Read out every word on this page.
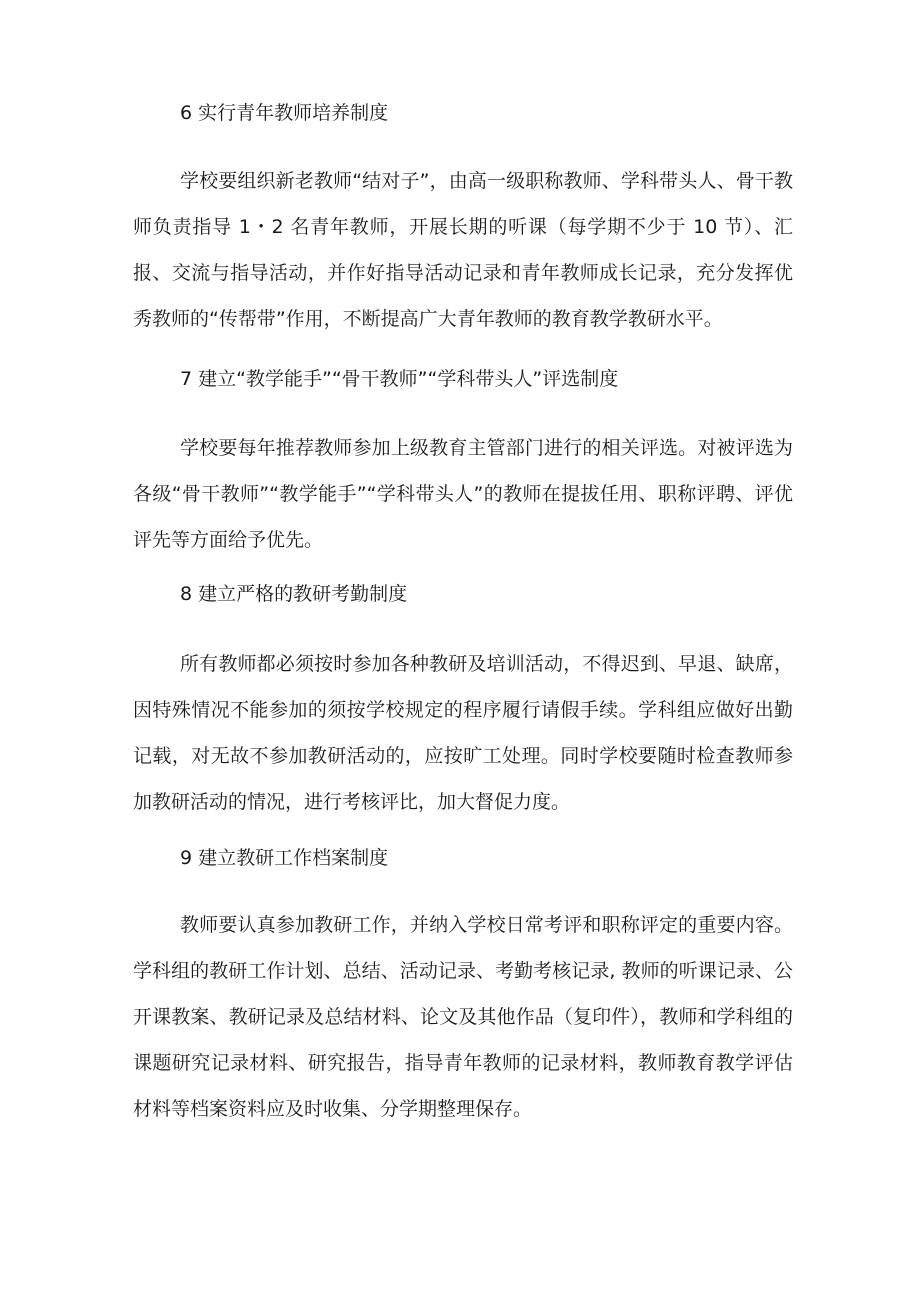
6 实行青年教师培养制度

学校要组织新老教师“结对子”，由高一级职称教师、学科带头人、骨干教师负责指导 1・2 名青年教师，开展长期的听课（每学期不少于 10 节）、汇报、交流与指导活动，并作好指导活动记录和青年教师成长记录，充分发挥优秀教师的“传帮带”作用，不断提高广大青年教师的教育教学教研水平。

7 建立“教学能手”“骨干教师”“学科带头人”评选制度

学校要每年推荐教师参加上级教育主管部门进行的相关评选。对被评选为各级“骨干教师”“教学能手”“学科带头人”的教师在提拔任用、职称评聘、评优评先等方面给予优先。

8 建立严格的教研考勤制度

所有教师都必须按时参加各种教研及培训活动，不得迟到、早退、缺席，因特殊情况不能参加的须按学校规定的程序履行请假手续。学科组应做好出勤记载，对无故不参加教研活动的，应按旷工处理。同时学校要随时检查教师参加教研活动的情况，进行考核评比，加大督促力度。

9 建立教研工作档案制度

教师要认真参加教研工作，并纳入学校日常考评和职称评定的重要内容。学科组的教研工作计划、总结、活动记录、考勤考核记录, 教师的听课记录、公开课教案、教研记录及总结材料、论文及其他作品（复印件），教师和学科组的课题研究记录材料、研究报告，指导青年教师的记录材料，教师教育教学评估材料等档案资料应及时收集、分学期整理保存。
